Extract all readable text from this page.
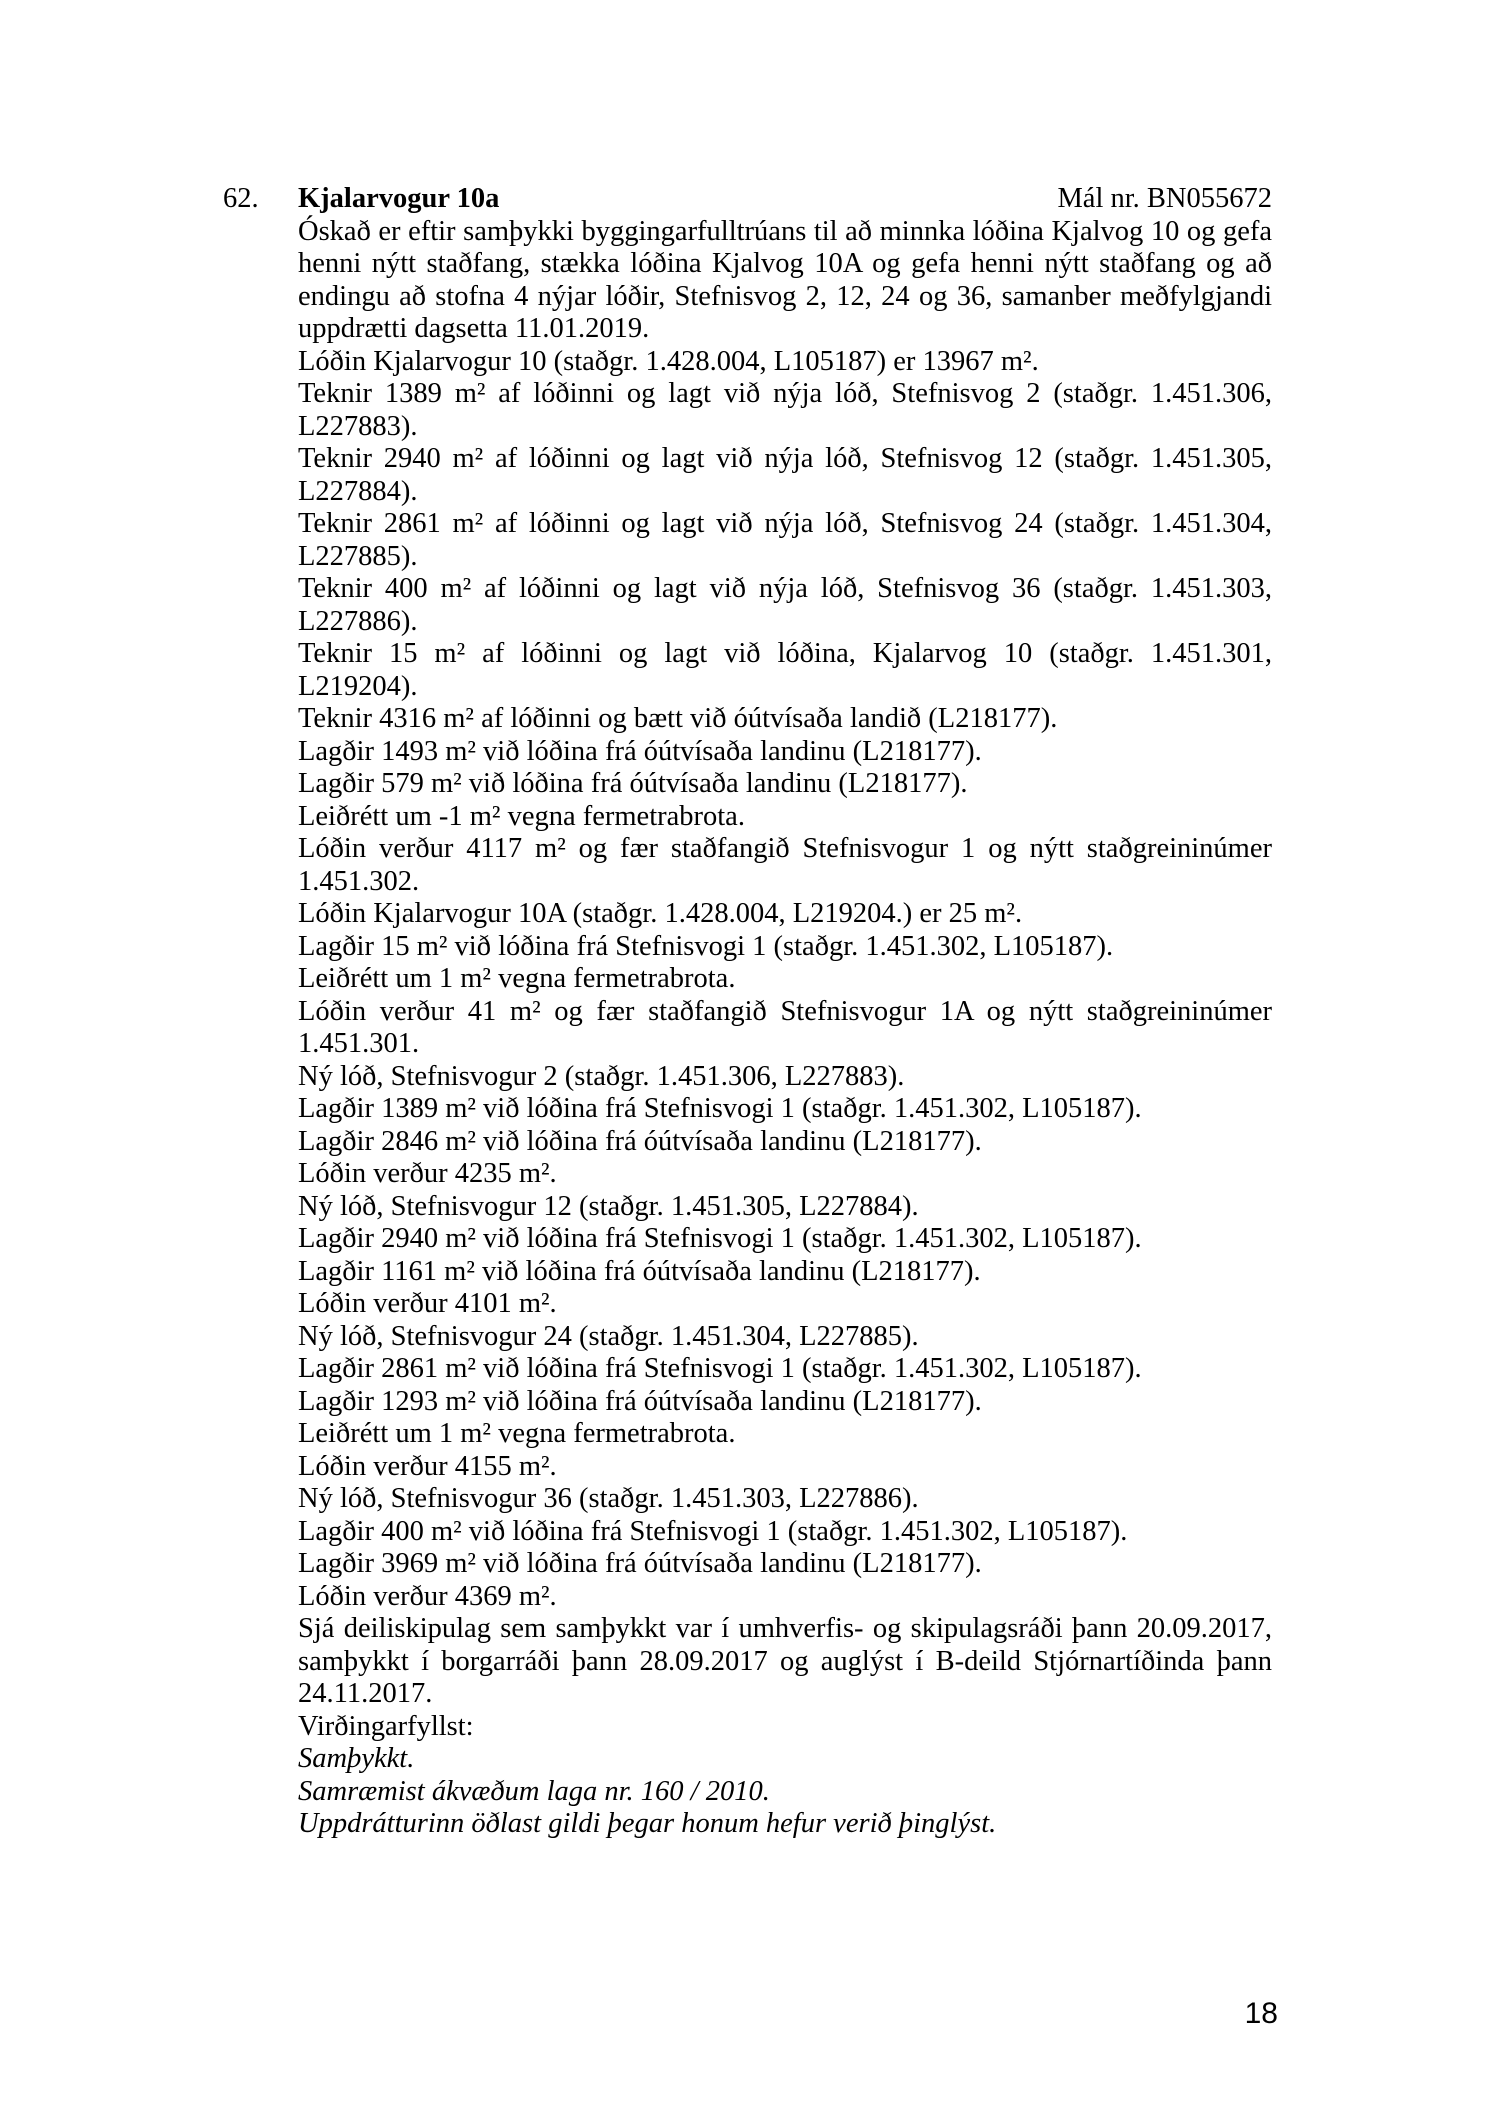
62.	Kjalarvogur 10a	Mál nr. BN055672

Óskað er eftir samþykki byggingarfulltrúans til að minnka lóðina Kjalvog 10 og gefa henni nýtt staðfang, stækka lóðina Kjalvog 10A og gefa henni nýtt staðfang og að endingu að stofna 4 nýjar lóðir, Stefnisvog 2, 12, 24 og 36, samanber meðfylgjandi uppdrætti dagsetta 11.01.2019.

Lóðin Kjalarvogur 10 (staðgr. 1.428.004, L105187) er 13967 m².

Teknir 1389 m² af lóðinni og lagt við nýja lóð, Stefnisvog 2 (staðgr. 1.451.306, L227883).

Teknir 2940 m² af lóðinni og lagt við nýja lóð, Stefnisvog 12 (staðgr. 1.451.305, L227884).

Teknir 2861 m² af lóðinni og lagt við nýja lóð, Stefnisvog 24 (staðgr. 1.451.304, L227885).

Teknir 400 m² af lóðinni og lagt við nýja lóð, Stefnisvog 36 (staðgr. 1.451.303, L227886).

Teknir 15 m² af lóðinni og lagt við lóðina, Kjalarvog 10 (staðgr. 1.451.301, L219204).

Teknir 4316 m² af lóðinni og bætt við óútvísaða landið (L218177).

Lagðir 1493 m² við lóðina frá óútvísaða landinu (L218177).

Lagðir 579 m² við lóðina frá óútvísaða landinu (L218177).

Leiðrétt um -1 m² vegna fermetrabrota.

Lóðin verður 4117 m² og fær staðfangið Stefnisvogur 1 og nýtt staðgreininúmer 1.451.302.

Lóðin Kjalarvogur 10A (staðgr. 1.428.004, L219204.) er 25 m².

Lagðir 15 m² við lóðina frá Stefnisvogi 1 (staðgr. 1.451.302, L105187).

Leiðrétt um 1 m² vegna fermetrabrota.

Lóðin verður 41 m² og fær staðfangið Stefnisvogur 1A og nýtt staðgreininúmer 1.451.301.

Ný lóð, Stefnisvogur 2 (staðgr. 1.451.306, L227883).

Lagðir 1389 m² við lóðina frá Stefnisvogi 1 (staðgr. 1.451.302, L105187).

Lagðir 2846 m² við lóðina frá óútvísaða landinu (L218177).

Lóðin verður 4235 m².

Ný lóð, Stefnisvogur 12 (staðgr. 1.451.305, L227884).

Lagðir 2940 m² við lóðina frá Stefnisvogi 1 (staðgr. 1.451.302, L105187).

Lagðir 1161 m² við lóðina frá óútvísaða landinu (L218177).

Lóðin verður 4101 m².

Ný lóð, Stefnisvogur 24 (staðgr. 1.451.304, L227885).

Lagðir 2861 m² við lóðina frá Stefnisvogi 1 (staðgr. 1.451.302, L105187).

Lagðir 1293 m² við lóðina frá óútvísaða landinu (L218177).

Leiðrétt um 1 m² vegna fermetrabrota.

Lóðin verður 4155 m².

Ný lóð, Stefnisvogur 36 (staðgr. 1.451.303, L227886).

Lagðir 400 m² við lóðina frá Stefnisvogi 1 (staðgr. 1.451.302, L105187).

Lagðir 3969 m² við lóðina frá óútvísaða landinu (L218177).

Lóðin verður 4369 m².

Sjá deiliskipulag sem samþykkt var í umhverfis- og skipulagsráði þann 20.09.2017, samþykkt í borgarráði þann 28.09.2017 og auglýst í B-deild Stjórnartíðinda þann 24.11.2017.

Virðingarfyllst:

Samþykkt.

Samræmist ákvæðum laga nr. 160 / 2010.

Uppdrátturinn öðlast gildi þegar honum hefur verið þinglýst.

18
